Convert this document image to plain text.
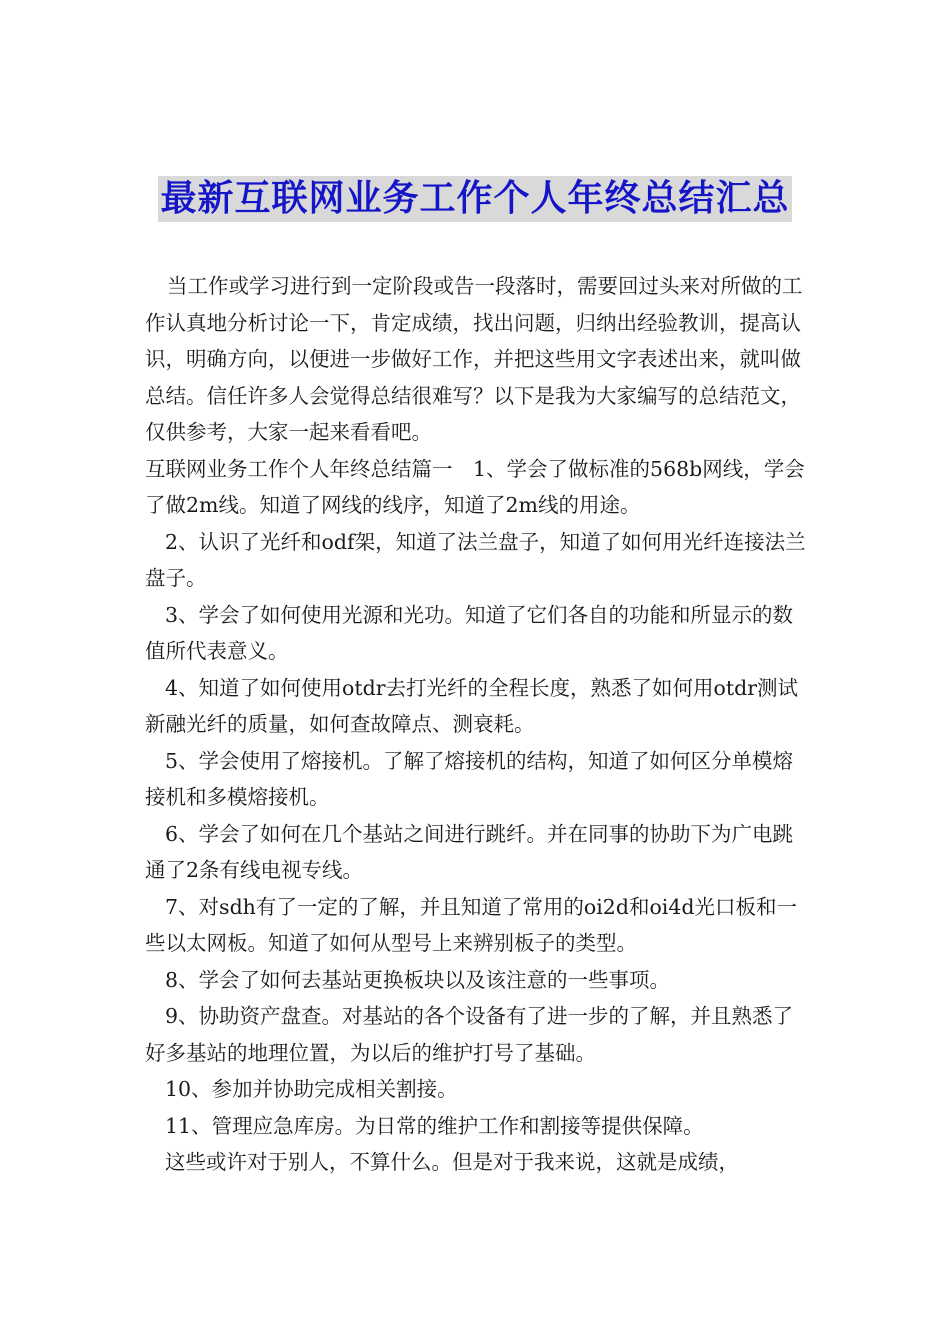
最新互联网业务工作个人年终总结汇总

当工作或学习进行到一定阶段或告一段落时，需要回过头来对所做的工作认真地分析讨论一下，肯定成绩，找出问题，归纳出经验教训，提高认识，明确方向，以便进一步做好工作，并把这些用文字表述出来，就叫做总结。信任许多人会觉得总结很难写？以下是我为大家编写的总结范文，仅供参考，大家一起来看看吧。

互联网业务工作个人年终总结篇一　1、学会了做标准的568b网线，学会了做2m线。知道了网线的线序，知道了2m线的用途。

2、认识了光纤和odf架，知道了法兰盘子，知道了如何用光纤连接法兰盘子。

3、学会了如何使用光源和光功。知道了它们各自的功能和所显示的数值所代表意义。

4、知道了如何使用otdr去打光纤的全程长度，熟悉了如何用otdr测试新融光纤的质量，如何查故障点、测衰耗。

5、学会使用了熔接机。了解了熔接机的结构，知道了如何区分单模熔接机和多模熔接机。

6、学会了如何在几个基站之间进行跳纤。并在同事的协助下为广电跳通了2条有线电视专线。

7、对sdh有了一定的了解，并且知道了常用的oi2d和oi4d光口板和一些以太网板。知道了如何从型号上来辨别板子的类型。

8、学会了如何去基站更换板块以及该注意的一些事项。

9、协助资产盘查。对基站的各个设备有了进一步的了解，并且熟悉了好多基站的地理位置，为以后的维护打号了基础。

10、参加并协助完成相关割接。

11、管理应急库房。为日常的维护工作和割接等提供保障。

这些或许对于别人，不算什么。但是对于我来说，这就是成绩，
